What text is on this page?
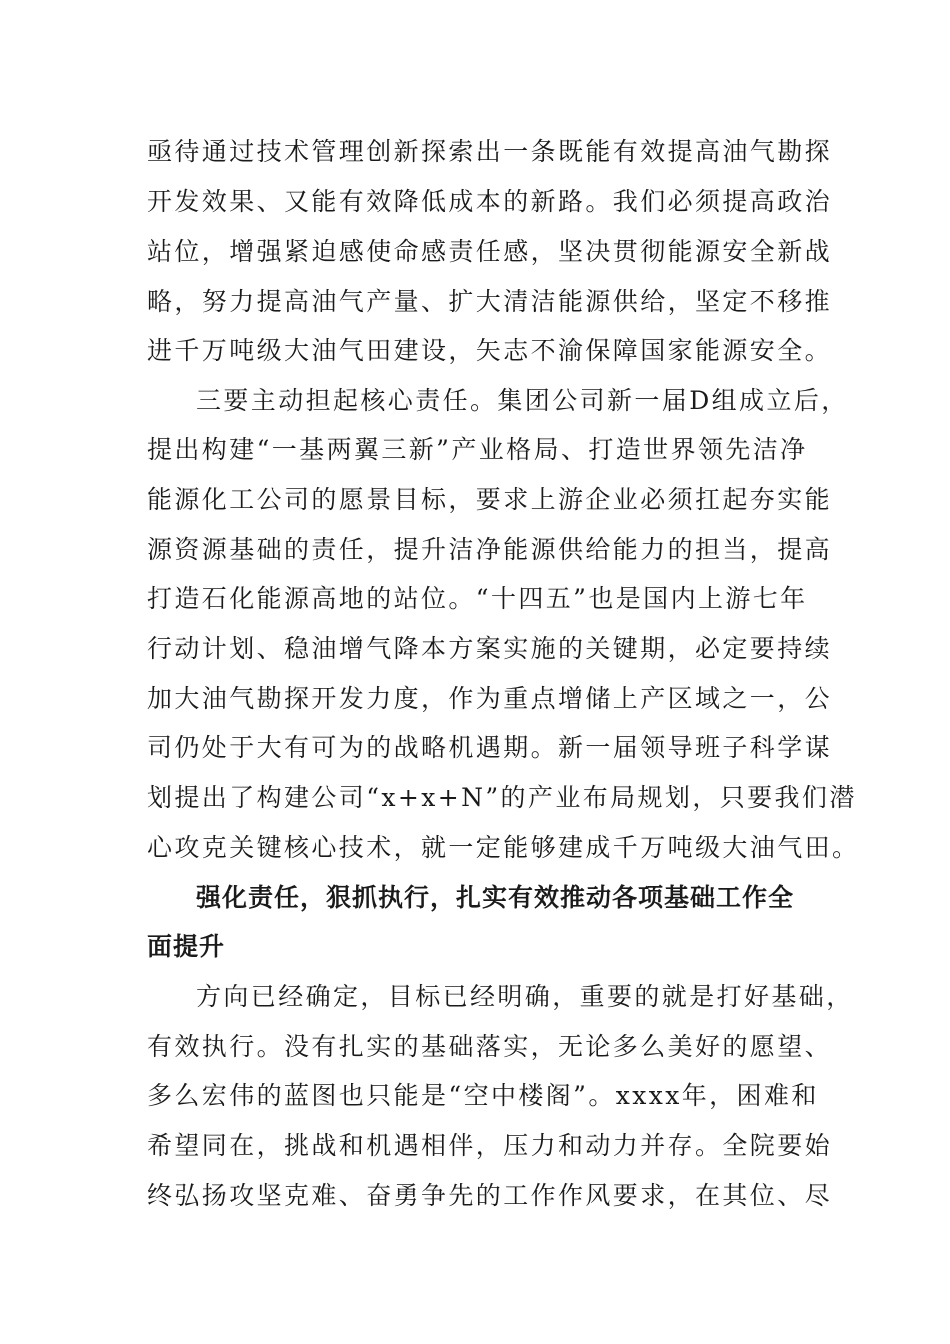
亟待通过技术管理创新探索出一条既能有效提高油气勘探
开发效果、又能有效降低成本的新路。我们必须提高政治
站位，增强紧迫感使命感责任感，坚决贯彻能源安全新战
略，努力提高油气产量、扩大清洁能源供给，坚定不移推
进千万吨级大油气田建设，矢志不渝保障国家能源安全。
三要主动担起核心责任。集团公司新一届D组成立后，
提出构建“一基两翼三新”产业格局、打造世界领先洁净
能源化工公司的愿景目标，要求上游企业必须扛起夯实能
源资源基础的责任，提升洁净能源供给能力的担当，提高
打造石化能源高地的站位。“十四五”也是国内上游七年
行动计划、稳油增气降本方案实施的关键期，必定要持续
加大油气勘探开发力度，作为重点增储上产区域之一，公
司仍处于大有可为的战略机遇期。新一届领导班子科学谋
划提出了构建公司“x+x+N”的产业布局规划，只要我们潜
心攻克关键核心技术，就一定能够建成千万吨级大油气田。
强化责任，狠抓执行，扎实有效推动各项基础工作全
面提升
方向已经确定，目标已经明确，重要的就是打好基础，
有效执行。没有扎实的基础落实，无论多么美好的愿望、
多么宏伟的蓝图也只能是“空中楼阁”。xxxx年，困难和
希望同在，挑战和机遇相伴，压力和动力并存。全院要始
终弘扬攻坚克难、奋勇争先的工作作风要求，在其位、尽
